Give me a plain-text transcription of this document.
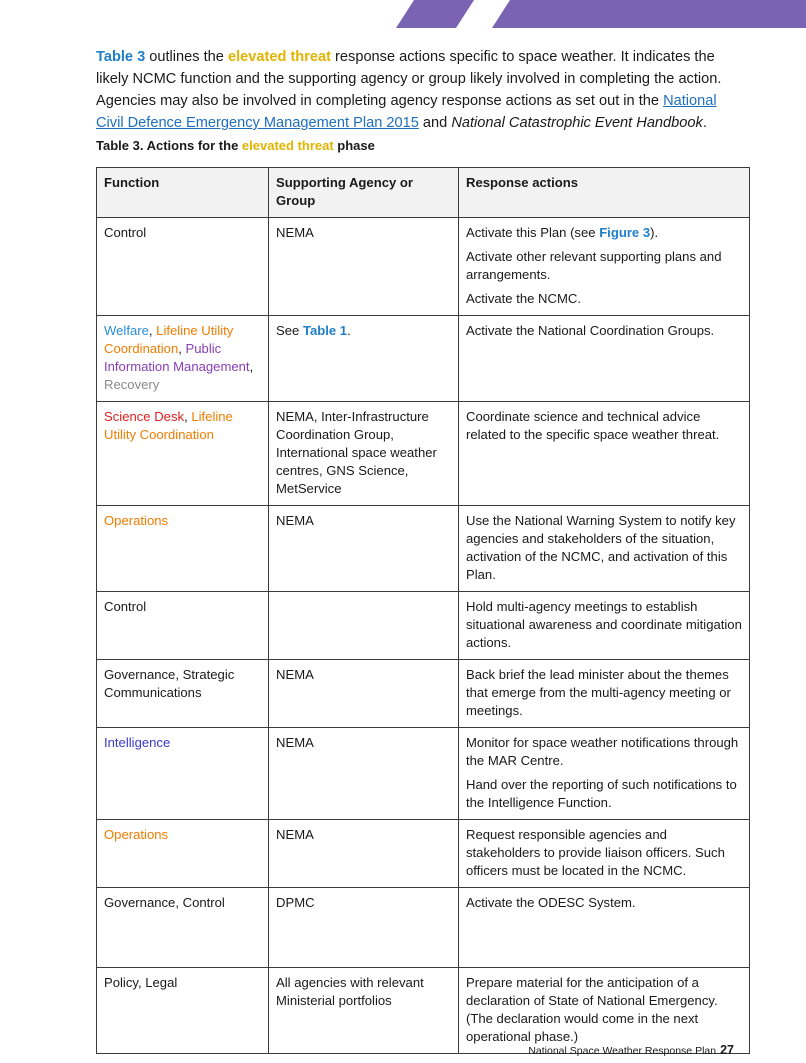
Table 3 outlines the elevated threat response actions specific to space weather. It indicates the likely NCMC function and the supporting agency or group likely involved in completing the action. Agencies may also be involved in completing agency response actions as set out in the National Civil Defence Emergency Management Plan 2015 and National Catastrophic Event Handbook.

Table 3. Actions for the elevated threat phase

Function	Supporting Agency or Group	Response actions
Control	NEMA	Activate this Plan (see Figure 3).

Activate other relevant supporting plans and arrangements.

Activate the NCMC.

Welfare, Lifeline Utility Coordination, Public Information Management, Recovery	See Table 1.	Activate the National Coordination Groups.

Science Desk, Lifeline Utility Coordination	NEMA, Inter-Infrastructure Coordination Group, International space weather centres, GNS Science, MetService	Coordinate science and technical advice related to the specific space weather threat.

Operations	NEMA	Use the National Warning System to notify key agencies and stakeholders of the situation, activation of the NCMC, and activation of this Plan.

Control		Hold multi-agency meetings to establish situational awareness and coordinate mitigation actions.

Governance, Strategic Communications	NEMA	Back brief the lead minister about the themes that emerge from the multi-agency meeting or meetings.

Intelligence	NEMA	Monitor for space weather notifications through the MAR Centre.

Hand over the reporting of such notifications to the Intelligence Function.

Operations	NEMA	Request responsible agencies and stakeholders to provide liaison officers. Such officers must be located in the NCMC.

Governance, Control	DPMC	Activate the ODESC System.

Policy, Legal	All agencies with relevant Ministerial portfolios	Prepare material for the anticipation of a declaration of State of National Emergency. (The declaration would come in the next operational phase.)

National Space Weather Response Plan 27
